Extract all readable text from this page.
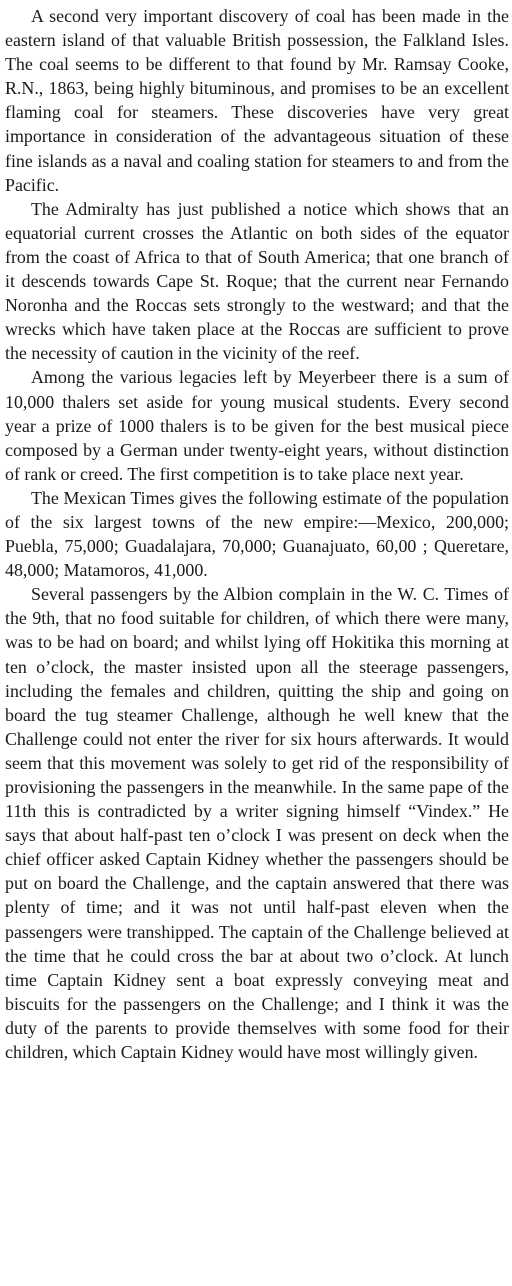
A second very important discovery of coal has been made in the eastern island of that valuable British possession, the Falkland Isles. The coal seems to be different to that found by Mr. Ramsay Cooke, R.N., 1863, being highly bituminous, and promises to be an excellent flaming coal for steamers. These discoveries have very great importance in consideration of the advantageous situation of these fine islands as a naval and coaling station for steamers to and from the Pacific.

The Admiralty has just published a notice which shows that an equatorial current crosses the Atlantic on both sides of the equator from the coast of Africa to that of South America; that one branch of it descends towards Cape St. Roque; that the current near Fernando Noronha and the Roccas sets strongly to the westward; and that the wrecks which have taken place at the Roccas are sufficient to prove the necessity of caution in the vicinity of the reef.

Among the various legacies left by Meyerbeer there is a sum of 10,000 thalers set aside for young musical students. Every second year a prize of 1000 thalers is to be given for the best musical piece composed by a German under twenty-eight years, without distinction of rank or creed. The first competition is to take place next year.

The Mexican Times gives the following estimate of the population of the six largest towns of the new empire:—Mexico, 200,000; Puebla, 75,000; Guadalajara, 70,000; Guanajuato, 60,00 ; Queretare, 48,000; Matamoros, 41,000.

Several passengers by the Albion complain in the W. C. Times of the 9th, that no food suitable for children, of which there were many, was to be had on board; and whilst lying off Hokitika this morning at ten o’clock, the master insisted upon all the steerage passengers, including the females and children, quitting the ship and going on board the tug steamer Challenge, although he well knew that the Challenge could not enter the river for six hours afterwards. It would seem that this movement was solely to get rid of the responsibility of provisioning the passengers in the meanwhile. In the same pape of the 11th this is contradicted by a writer signing himself “Vindex.” He says that about half-past ten o’clock I was present on deck when the chief officer asked Captain Kidney whether the passengers should be put on board the Challenge, and the captain answered that there was plenty of time; and it was not until half-past eleven when the passengers were transhipped. The captain of the Challenge believed at the time that he could cross the bar at about two o’clock. At lunch time Captain Kidney sent a boat expressly conveying meat and biscuits for the passengers on the Challenge; and I think it was the duty of the parents to provide themselves with some food for their children, which Captain Kidney would have most willingly given.
